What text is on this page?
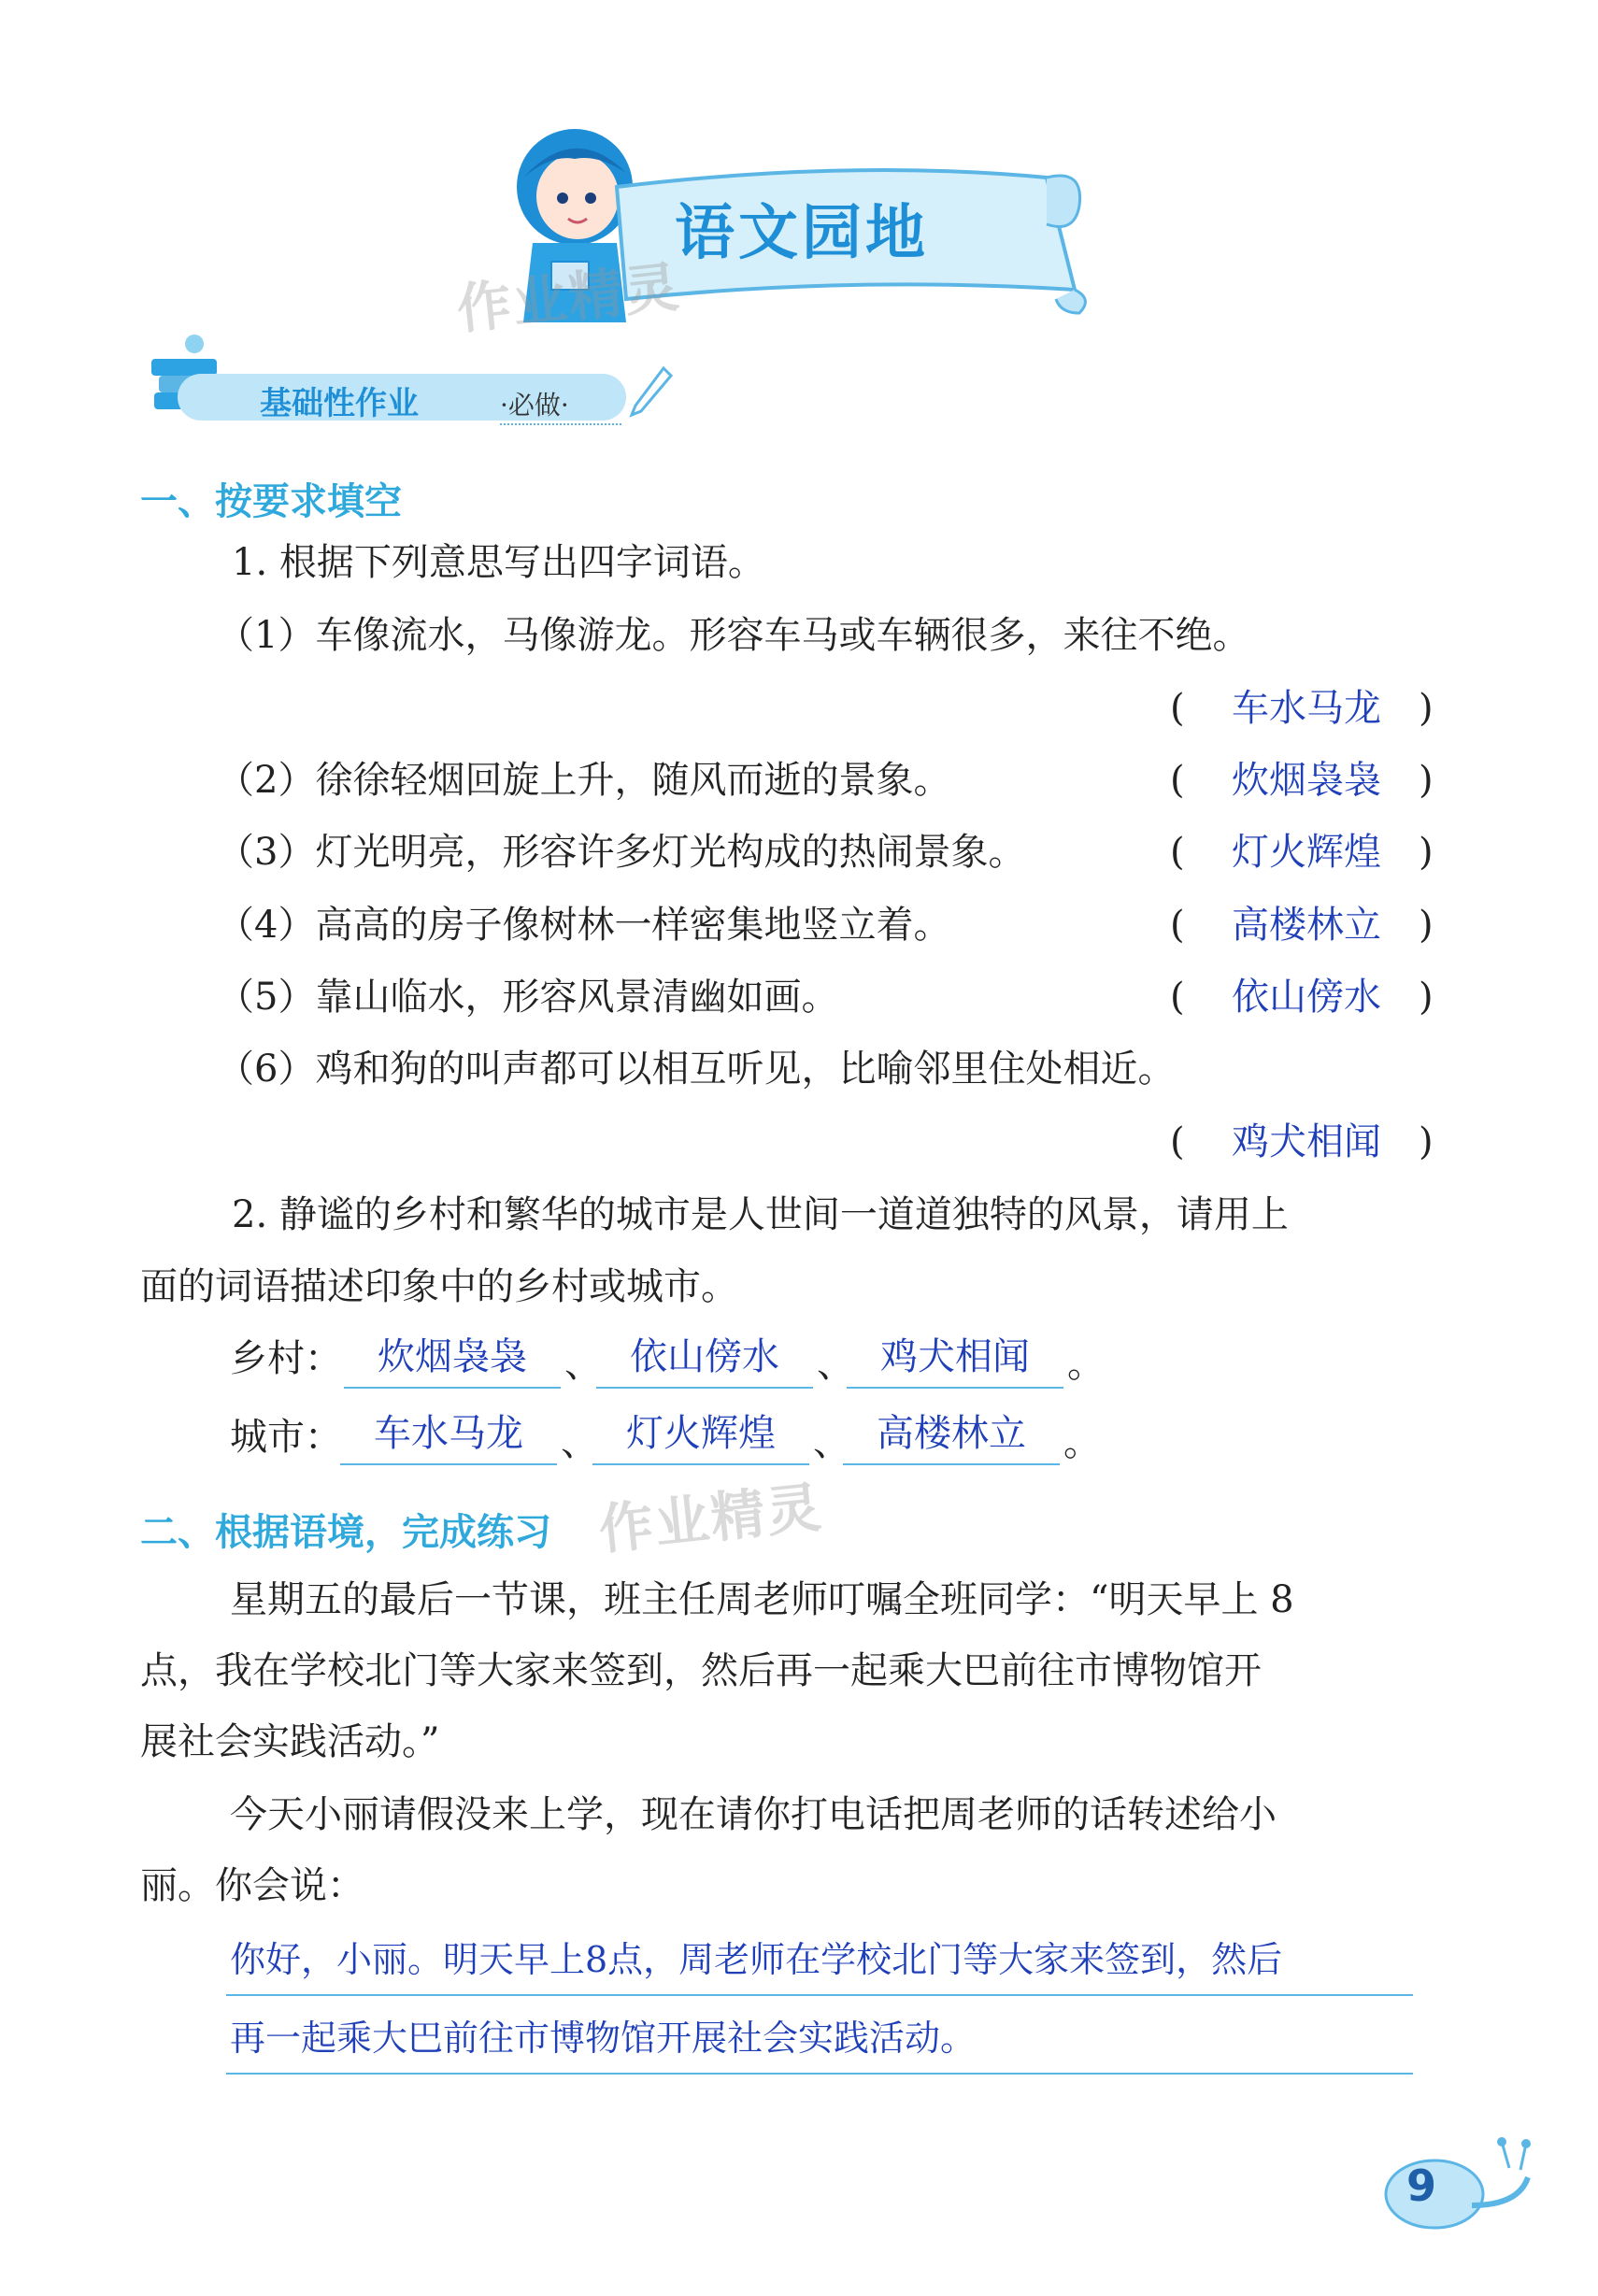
语文园地
作业精灵
基础性作业	·必做·
一、按要求填空
1. 根据下列意思写出四字词语。
（1）车像流水，马像游龙。形容车马或车辆很多，来往不绝。
( 车水马龙 )
（2）徐徐轻烟回旋上升，随风而逝的景象。	( 炊烟袅袅 )
（3）灯光明亮，形容许多灯光构成的热闹景象。	( 灯火辉煌 )
（4）高高的房子像树林一样密集地竖立着。	( 高楼林立 )
（5）靠山临水，形容风景清幽如画。	( 依山傍水 )
（6）鸡和狗的叫声都可以相互听见，比喻邻里住处相近。
( 鸡犬相闻 )
2. 静谧的乡村和繁华的城市是人世间一道道独特的风景，请用上
面的词语描述印象中的乡村或城市。
乡村： 炊烟袅袅	、 依山傍水	、 鸡犬相闻	。
城市： 车水马龙	、 灯火辉煌	、 高楼林立	。
二、根据语境，完成练习 作业精灵
星期五的最后一节课，班主任周老师叮嘱全班同学：“明天早上 8
点，我在学校北门等大家来签到，然后再一起乘大巴前往市博物馆开
展社会实践活动。”
今天小丽请假没来上学，现在请你打电话把周老师的话转述给小
丽。你会说：
你好，小丽。明天早上8点，周老师在学校北门等大家来签到，然后
再一起乘大巴前往市博物馆开展社会实践活动。
9
